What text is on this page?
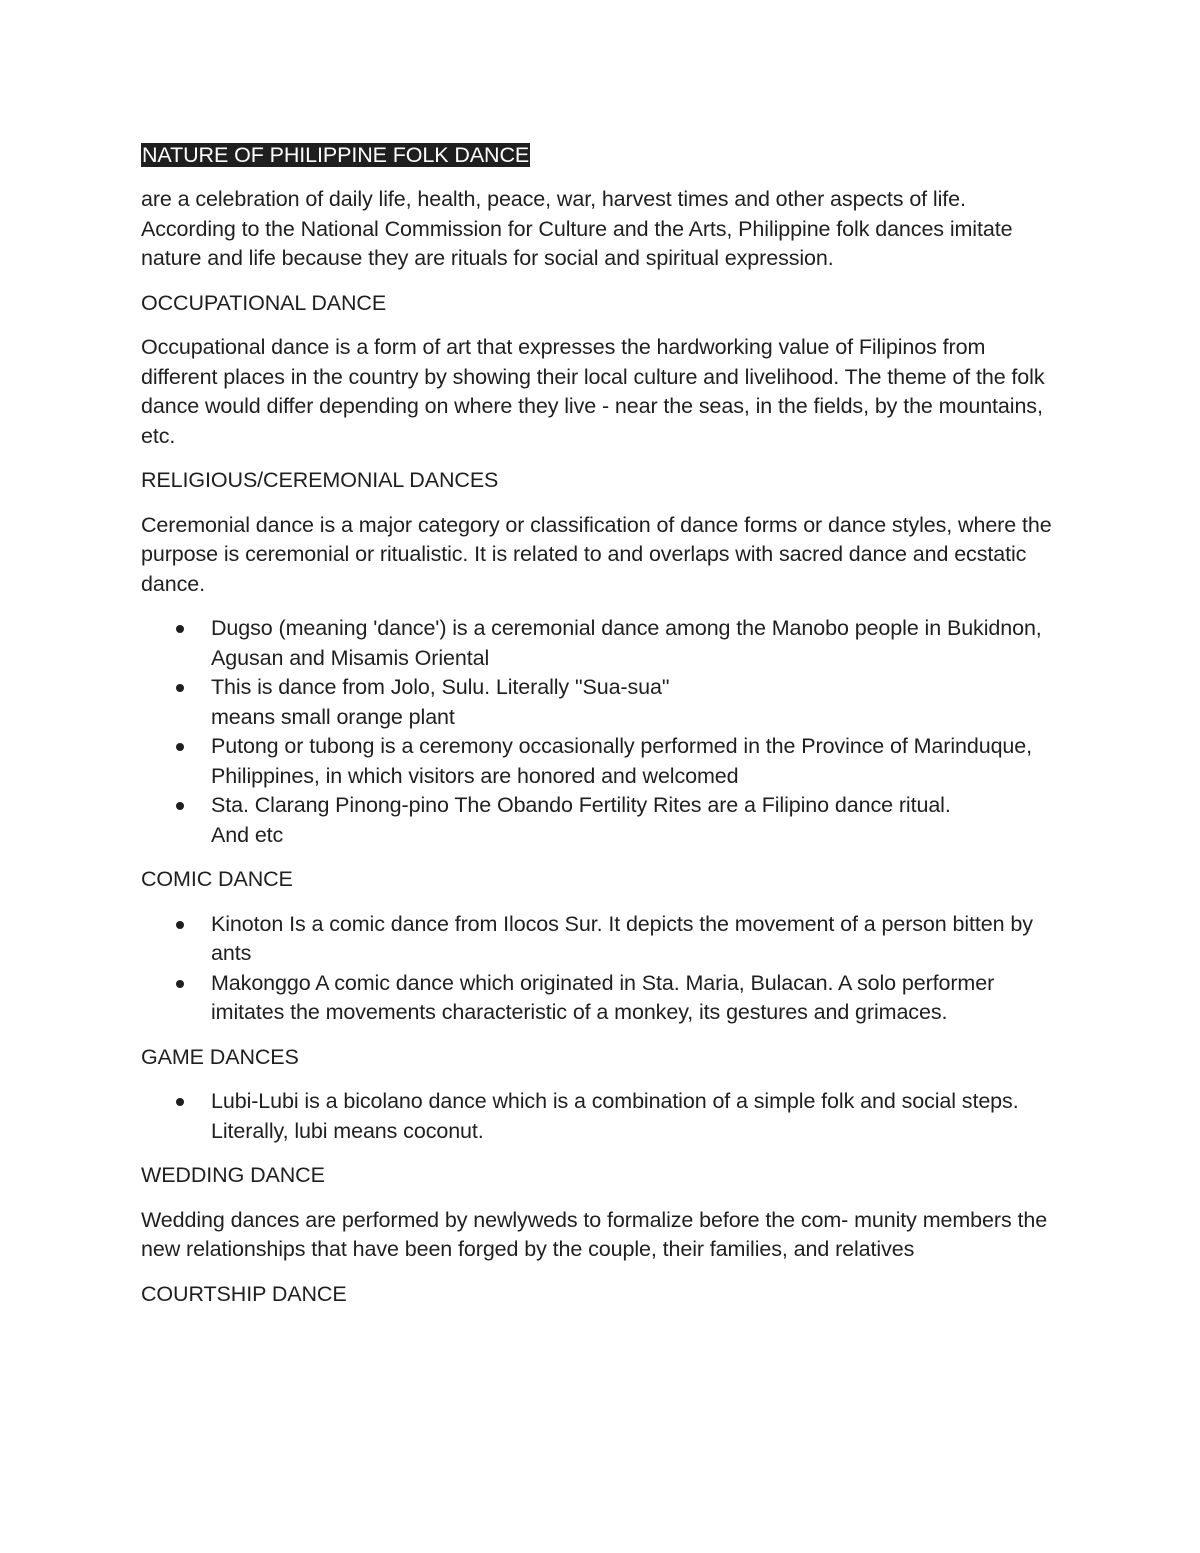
NATURE OF PHILIPPINE FOLK DANCE
are a celebration of daily life, health, peace, war, harvest times and other aspects of life. According to the National Commission for Culture and the Arts, Philippine folk dances imitate nature and life because they are rituals for social and spiritual expression.
OCCUPATIONAL DANCE
Occupational dance is a form of art that expresses the hardworking value of Filipinos from different places in the country by showing their local culture and livelihood. The theme of the folk dance would differ depending on where they live - near the seas, in the fields, by the mountains, etc.
RELIGIOUS/CEREMONIAL DANCES
Ceremonial dance is a major category or classification of dance forms or dance styles, where the purpose is ceremonial or ritualistic. It is related to and overlaps with sacred dance and ecstatic dance.
Dugso (meaning 'dance') is a ceremonial dance among the Manobo people in Bukidnon, Agusan and Misamis Oriental
This is dance from Jolo, Sulu. Literally "Sua-sua"
means small orange plant
Putong or tubong is a ceremony occasionally performed in the Province of Marinduque, Philippines, in which visitors are honored and welcomed
Sta. Clarang Pinong-pino The Obando Fertility Rites are a Filipino dance ritual.
And etc
COMIC DANCE
Kinoton Is a comic dance from Ilocos Sur. It depicts the movement of a person bitten by ants
Makonggo A comic dance which originated in Sta. Maria, Bulacan. A solo performer imitates the movements characteristic of a monkey, its gestures and grimaces.
GAME DANCES
Lubi-Lubi is a bicolano dance which is a combination of a simple folk and social steps. Literally, lubi means coconut.
WEDDING DANCE
Wedding dances are performed by newlyweds to formalize before the com- munity members the new relationships that have been forged by the couple, their families, and relatives
COURTSHIP DANCE
